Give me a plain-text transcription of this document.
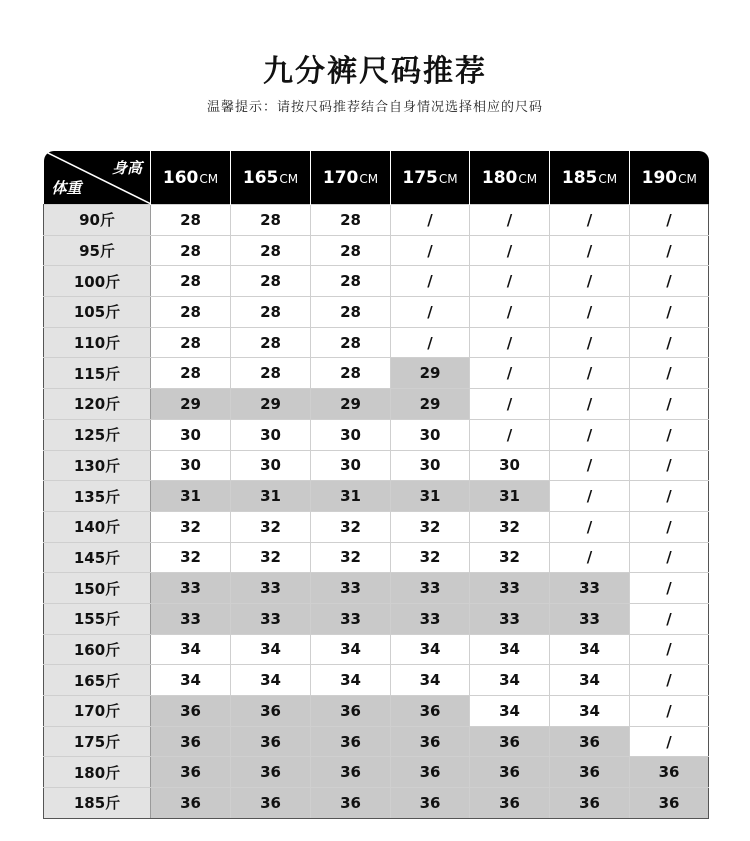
九分裤尺码推荐
温馨提示：请按尺码推荐结合自身情况选择相应的尺码
身高
体重	160CM	165CM	170CM	175CM	180CM	185CM	190CM
90斤	28	28	28	/	/	/	/
95斤	28	28	28	/	/	/	/
100斤	28	28	28	/	/	/	/
105斤	28	28	28	/	/	/	/
110斤	28	28	28	/	/	/	/
115斤	28	28	28	29	/	/	/
120斤	29	29	29	29	/	/	/
125斤	30	30	30	30	/	/	/
130斤	30	30	30	30	30	/	/
135斤	31	31	31	31	31	/	/
140斤	32	32	32	32	32	/	/
145斤	32	32	32	32	32	/	/
150斤	33	33	33	33	33	33	/
155斤	33	33	33	33	33	33	/
160斤	34	34	34	34	34	34	/
165斤	34	34	34	34	34	34	/
170斤	36	36	36	36	34	34	/
175斤	36	36	36	36	36	36	/
180斤	36	36	36	36	36	36	36
185斤	36	36	36	36	36	36	36
